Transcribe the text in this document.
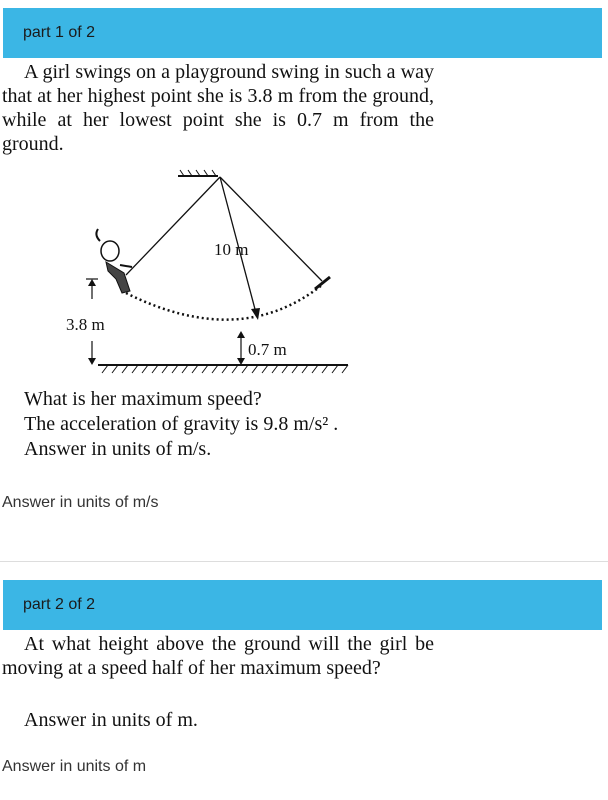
part 1 of 2
A girl swings on a playground swing in such a way that at her highest point she is 3.8 m from the ground, while at her lowest point she is 0.7 m from the ground.
3.8 m
0.7 m
10 m
What is her maximum speed?
The acceleration of gravity is 9.8 m/s² .
Answer in units of m/s.
Answer in units of m/s
part 2 of 2
At what height above the ground will the girl be moving at a speed half of her maximum speed?
Answer in units of m.
Answer in units of m
